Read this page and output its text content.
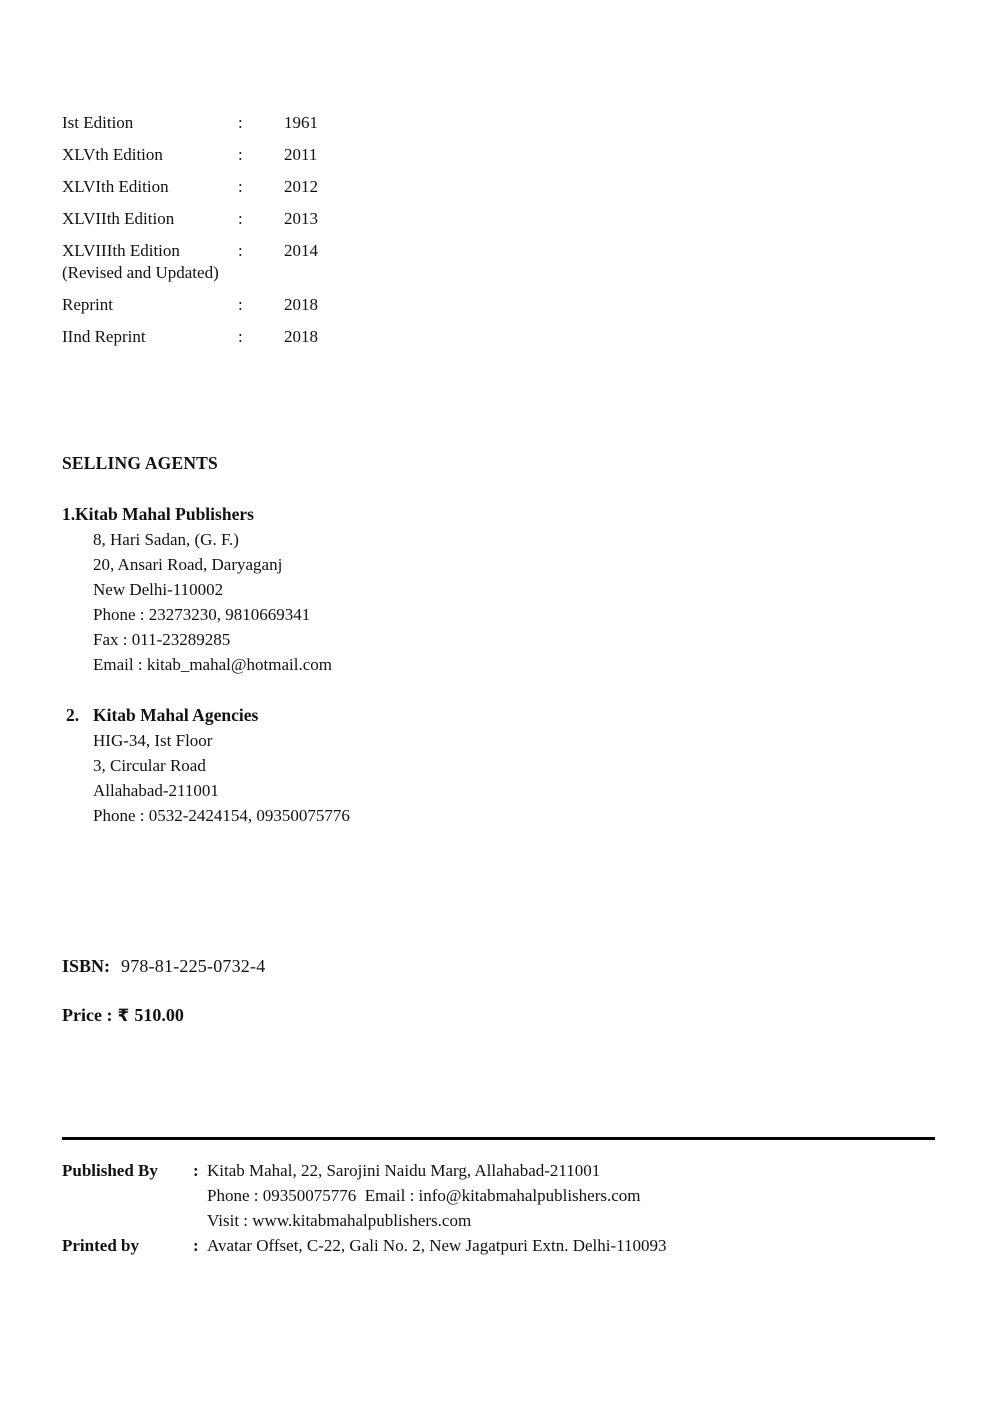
Ist Edition	:	1961
XLVth Edition	:	2011
XLVIth Edition	:	2012
XLVIIth Edition	:	2013
XLVIIIth Edition	:	2014
(Revised and Updated)
Reprint	:	2018
IInd Reprint	:	2018
SELLING AGENTS
1. Kitab Mahal Publishers
8, Hari Sadan, (G. F.)
20, Ansari Road, Daryaganj
New Delhi-110002
Phone : 23273230, 9810669341
Fax : 011-23289285
Email : kitab_mahal@hotmail.com
2. Kitab Mahal Agencies
HIG-34, Ist Floor
3, Circular Road
Allahabad-211001
Phone : 0532-2424154, 09350075776
ISBN: 978-81-225-0732-4
Price : ₹ 510.00
Published By	: Kitab Mahal, 22, Sarojini Naidu Marg, Allahabad-211001
Phone : 09350075776  Email : info@kitabmahalpublishers.com
Visit : www.kitabmahalpublishers.com
Printed by	: Avatar Offset, C-22, Gali No. 2, New Jagatpuri Extn. Delhi-110093
